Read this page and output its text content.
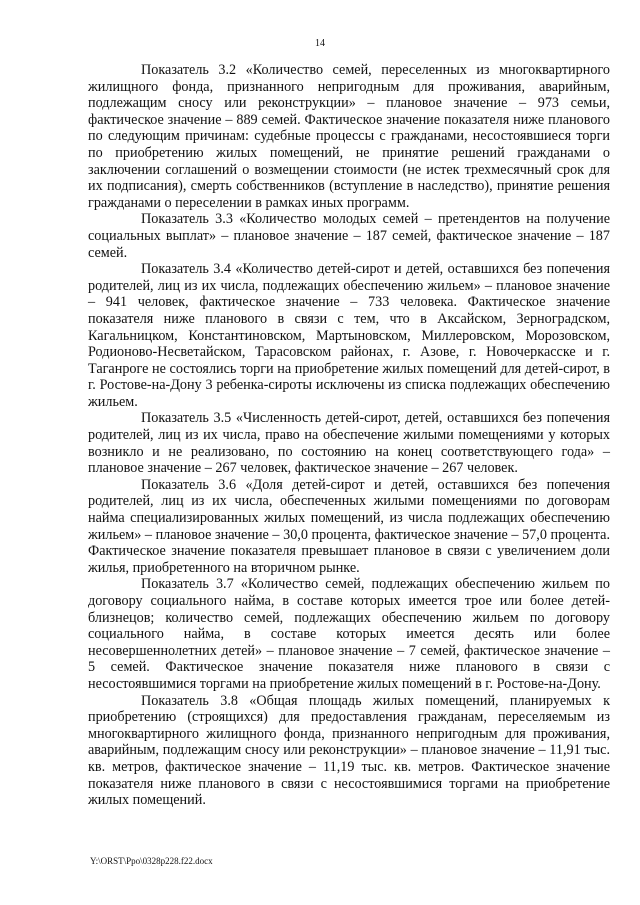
14

Показатель 3.2 «Количество семей, переселенных из многоквартирного жилищного фонда, признанного непригодным для проживания, аварийным, подлежащим сносу или реконструкции» – плановое значение – 973 семьи, фактическое значение – 889 семей. Фактическое значение показателя ниже планового по следующим причинам: судебные процессы с гражданами, несостоявшиеся торги по приобретению жилых помещений, не принятие решений гражданами о заключении соглашений о возмещении стоимости (не истек трехмесячный срок для их подписания), смерть собственников (вступление в наследство), принятие решения гражданами о переселении в рамках иных программ.

Показатель 3.3 «Количество молодых семей – претендентов на получение социальных выплат» – плановое значение – 187 семей, фактическое значение – 187 семей.

Показатель 3.4 «Количество детей-сирот и детей, оставшихся без попечения родителей, лиц из их числа, подлежащих обеспечению жильем» – плановое значение – 941 человек, фактическое значение – 733 человека. Фактическое значение показателя ниже планового в связи с тем, что в Аксайском, Зерноградском, Кагальницком, Константиновском, Мартыновском, Миллеровском, Морозовском, Родионово-Несветайском, Тарасовском районах, г. Азове, г. Новочеркасске и г. Таганроге не состоялись торги на приобретение жилых помещений для детей-сирот, в г. Ростове-на-Дону 3 ребенка-сироты исключены из списка подлежащих обеспечению жильем.

Показатель 3.5 «Численность детей-сирот, детей, оставшихся без попечения родителей, лиц из их числа, право на обеспечение жилыми помещениями у которых возникло и не реализовано, по состоянию на конец соответствующего года» – плановое значение – 267 человек, фактическое значение – 267 человек.

Показатель 3.6 «Доля детей-сирот и детей, оставшихся без попечения родителей, лиц из их числа, обеспеченных жилыми помещениями по договорам найма специализированных жилых помещений, из числа подлежащих обеспечению жильем» – плановое значение – 30,0 процента, фактическое значение – 57,0 процента. Фактическое значение показателя превышает плановое в связи с увеличением доли жилья, приобретенного на вторичном рынке.

Показатель 3.7 «Количество семей, подлежащих обеспечению жильем по договору социального найма, в составе которых имеется трое или более детей-близнецов; количество семей, подлежащих обеспечению жильем по договору социального найма, в составе которых имеется десять или более несовершеннолетних детей» – плановое значение – 7 семей, фактическое значение – 5 семей. Фактическое значение показателя ниже планового в связи с несостоявшимися торгами на приобретение жилых помещений в г. Ростове-на-Дону.

Показатель 3.8 «Общая площадь жилых помещений, планируемых к приобретению (строящихся) для предоставления гражданам, переселяемым из многоквартирного жилищного фонда, признанного непригодным для проживания, аварийным, подлежащим сносу или реконструкции» – плановое значение – 11,91 тыс. кв. метров, фактическое значение – 11,19 тыс. кв. метров. Фактическое значение показателя ниже планового в связи с несостоявшимися торгами на приобретение жилых помещений.

Y:\ORST\Ppo\0328p228.f22.docx
